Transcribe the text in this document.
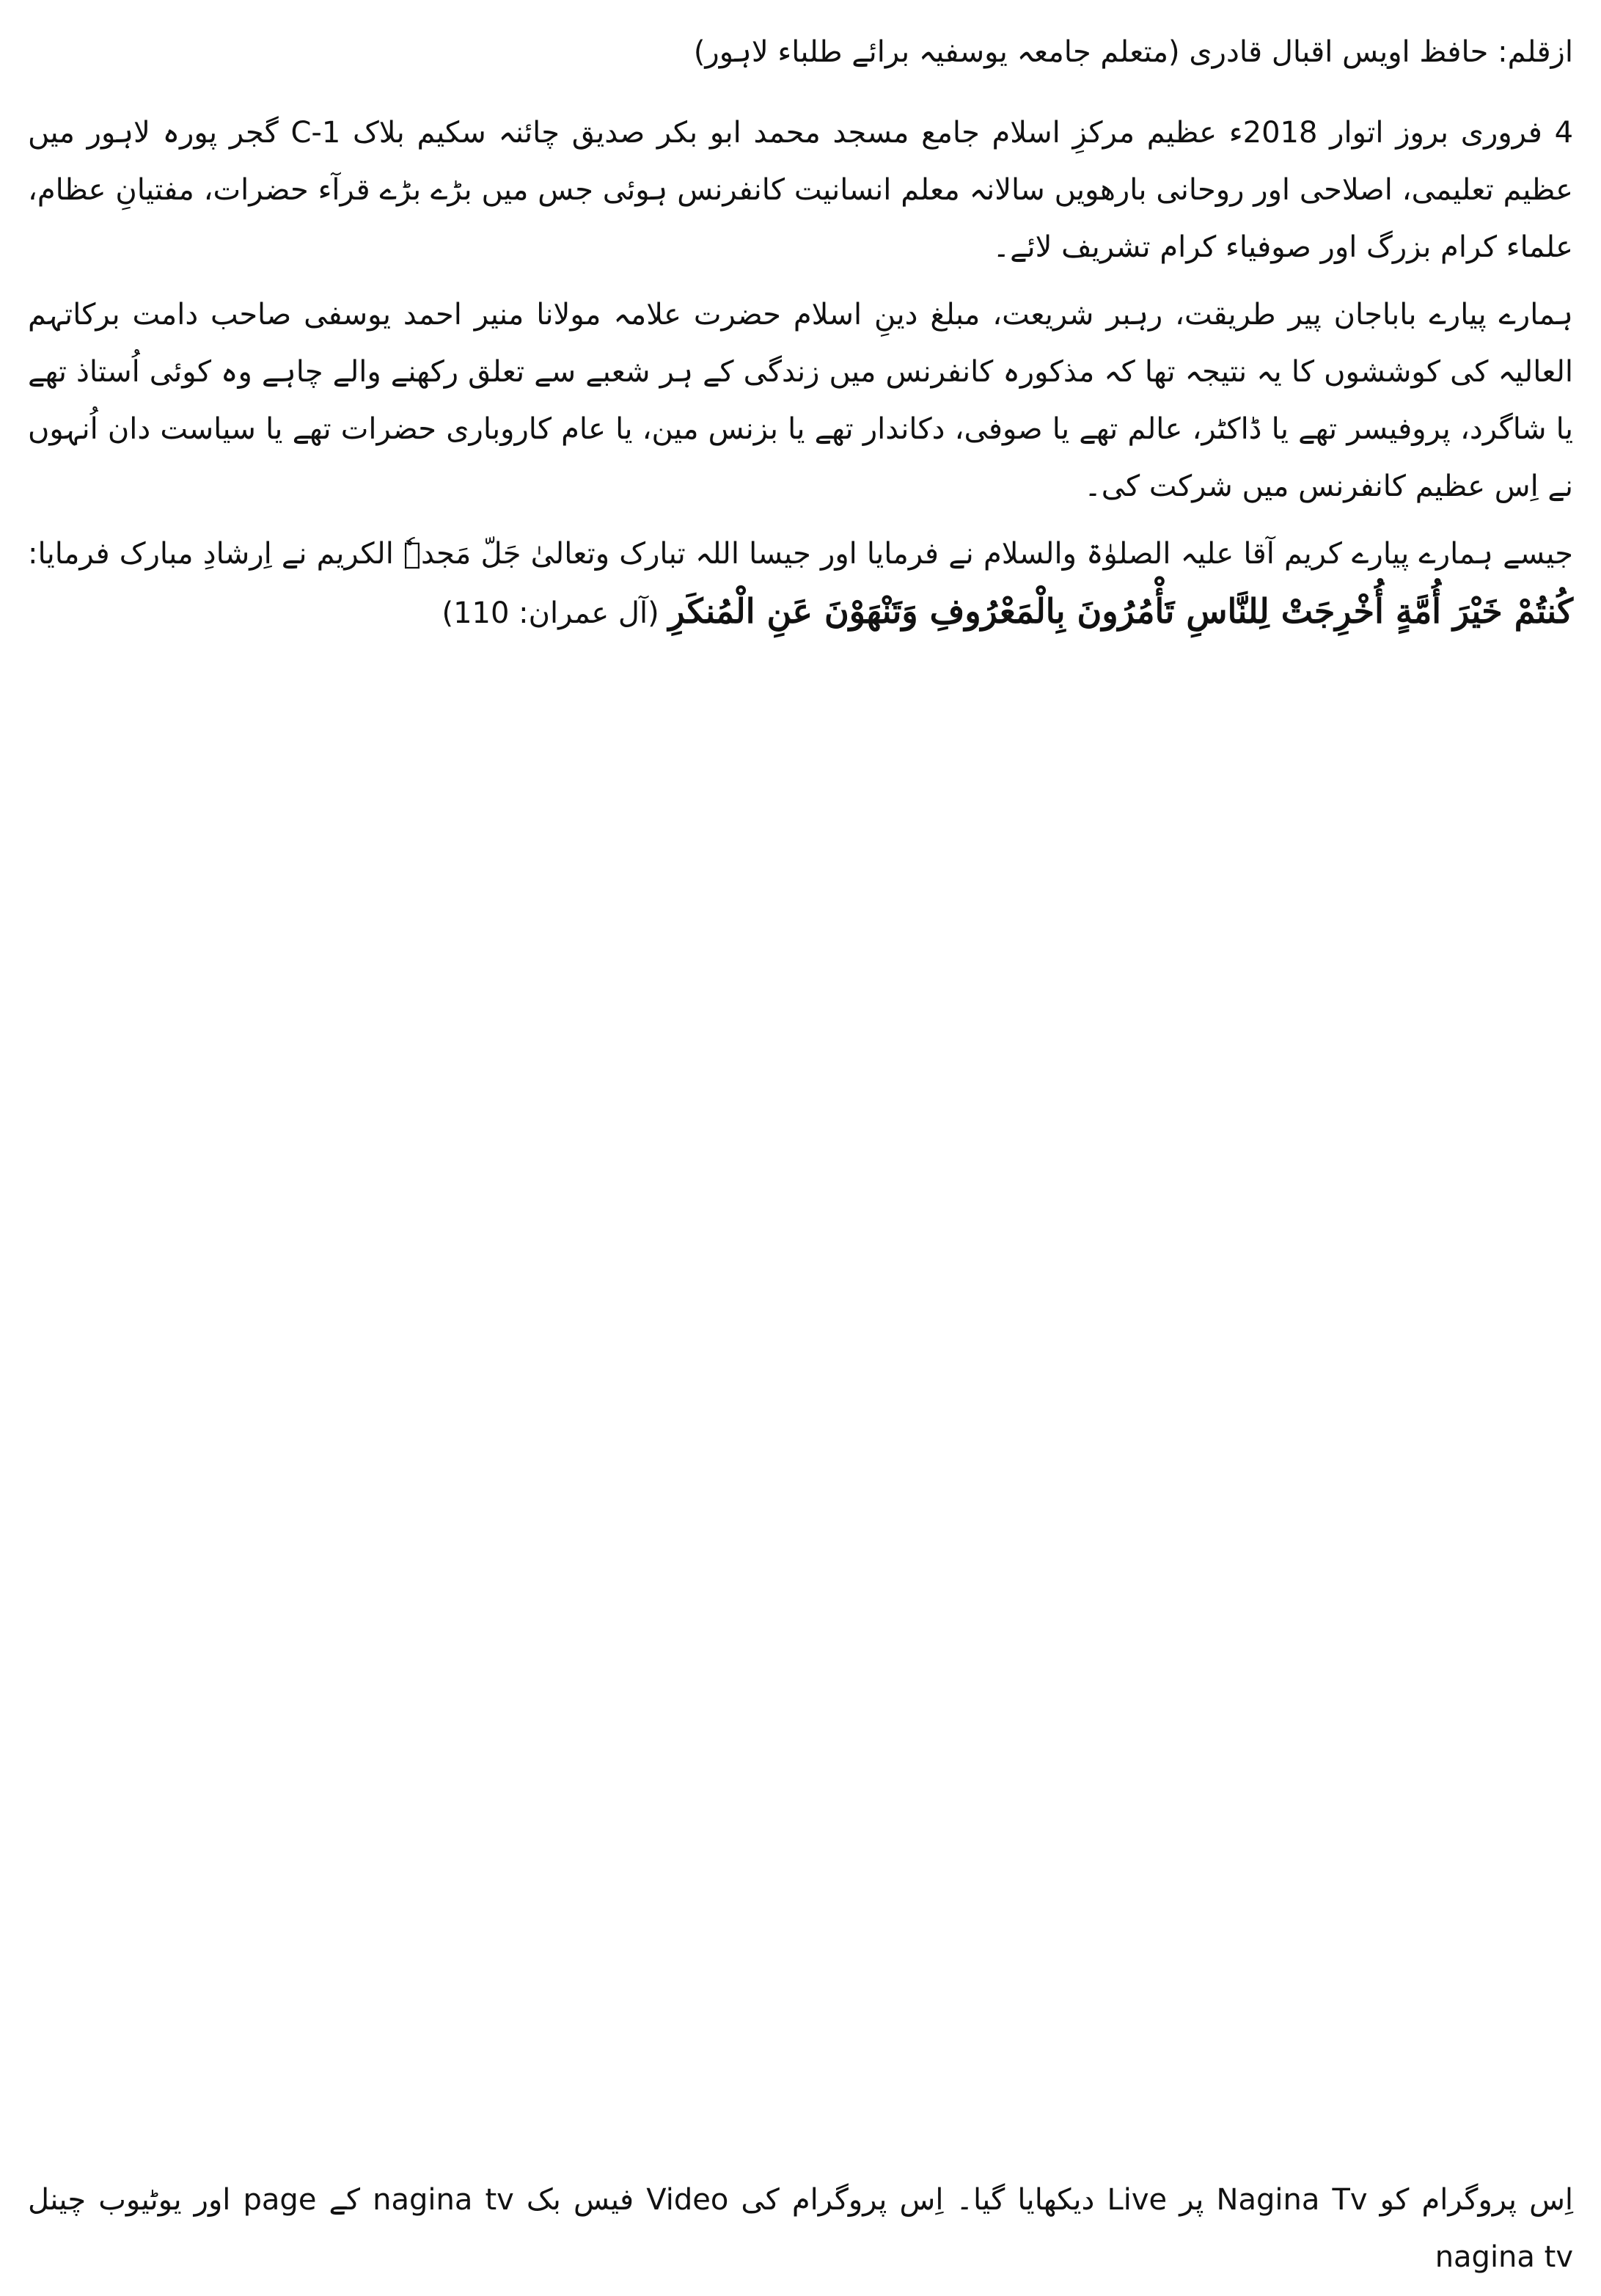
ازقلم: حافظ اویس اقبال قادری (متعلم جامعہ یوسفیہ برائے طلباء لاہور)

4 فروری بروز اتوار 2018ء عظیم مرکزِ اسلام جامع مسجد محمد ابو بکر صدیق چائنہ سکیم بلاک C-1 گجر پورہ لاہور میں عظیم تعلیمی، اصلاحی اور روحانی بارھویں سالانہ معلم انسانیت کانفرنس ہوئی جس میں بڑے بڑے قرآء حضرات، مفتیانِ عظام، علماء کرام بزرگ اور صوفیاء کرام تشریف لائے۔

ہمارے پیارے باباجان پیر طریقت، رہبر شریعت، مبلغ دینِ اسلام حضرت علامہ مولانا منیر احمد یوسفی صاحب دامت برکاتہم العالیہ کی کوششوں کا یہ نتیجہ تھا کہ مذکورہ کانفرنس میں زندگی کے ہر شعبے سے تعلق رکھنے والے چاہے وہ کوئی اُستاذ تھے یا شاگرد، پروفیسر تھے یا ڈاکٹر، عالم تھے یا صوفی، دکاندار تھے یا بزنس مین، یا عام کاروباری حضرات تھے یا سیاست دان اُنہوں نے اِس عظیم کانفرنس میں شرکت کی۔

جیسے ہمارے پیارے کریم آقا علیہ الصلوٰۃ والسلام نے فرمایا اور جیسا اللہ تبارک وتعالیٰ جَلّ مَجدہٗ الکریم نے اِرشادِ مبارک فرمایا: كُنتُمْ خَيْرَ أُمَّةٍ أُخْرِجَتْ لِلنَّاسِ تَأْمُرُونَ بِالْمَعْرُوفِ وَتَنْهَوْنَ عَنِ الْمُنكَرِ (آل عمران: 110)

اِس پروگرام کو Nagina Tv پر Live دیکھایا گیا۔ اِس پروگرام کی Video فیس بک nagina tv کے page اور یوٹیوب چینل nagina tv
